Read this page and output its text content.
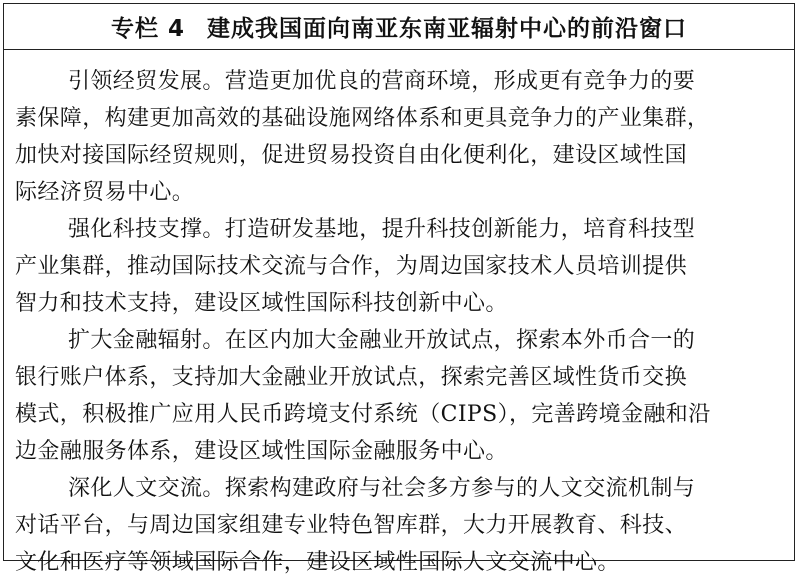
专栏 4 建成我国面向南亚东南亚辐射中心的前沿窗口
引领经贸发展。营造更加优良的营商环境，形成更有竞争力的要
素保障，构建更加高效的基础设施网络体系和更具竞争力的产业集群，
加快对接国际经贸规则，促进贸易投资自由化便利化，建设区域性国
际经济贸易中心。
强化科技支撑。打造研发基地，提升科技创新能力，培育科技型
产业集群，推动国际技术交流与合作，为周边国家技术人员培训提供
智力和技术支持，建设区域性国际科技创新中心。
扩大金融辐射。在区内加大金融业开放试点，探索本外币合一的
银行账户体系，支持加大金融业开放试点，探索完善区域性货币交换
模式，积极推广应用人民币跨境支付系统（CIPS），完善跨境金融和沿
边金融服务体系，建设区域性国际金融服务中心。
深化人文交流。探索构建政府与社会多方参与的人文交流机制与
对话平台，与周边国家组建专业特色智库群，大力开展教育、科技、
文化和医疗等领域国际合作，建设区域性国际人文交流中心。
